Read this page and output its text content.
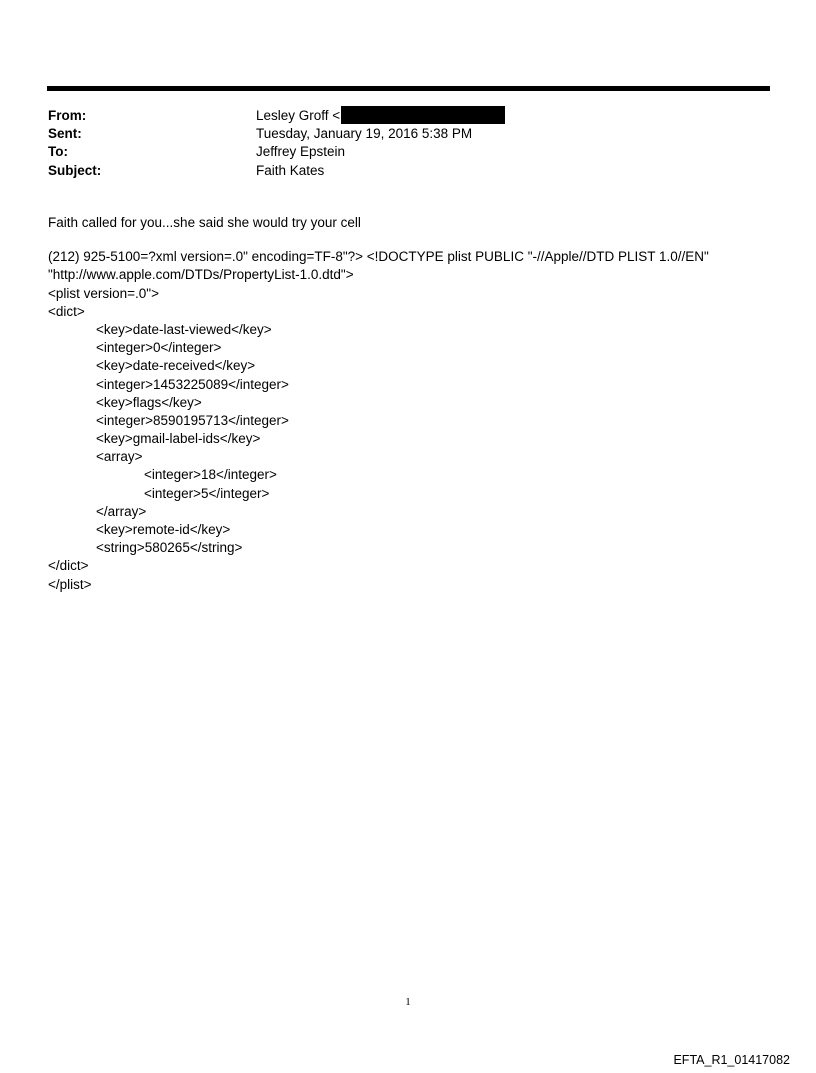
From:	Lesley Groff <
Sent:	Tuesday, January 19, 2016 5:38 PM
To:	Jeffrey Epstein
Subject:	Faith Kates
Faith called for you...she said she would try your cell
(212) 925-5100=?xml version=.0" encoding=TF-8"?> <!DOCTYPE plist PUBLIC "-//Apple//DTD PLIST 1.0//EN"
"http://www.apple.com/DTDs/PropertyList-1.0.dtd">
<plist version=.0">
<dict>
<key>date-last-viewed</key>
<integer>0</integer>
<key>date-received</key>
<integer>1453225089</integer>
<key>flags</key>
<integer>8590195713</integer>
<key>gmail-label-ids</key>
<array>
<integer>18</integer>
<integer>5</integer>
</array>
<key>remote-id</key>
<string>580265</string>
</dict>
</plist>
1
EFTA_R1_01417082
